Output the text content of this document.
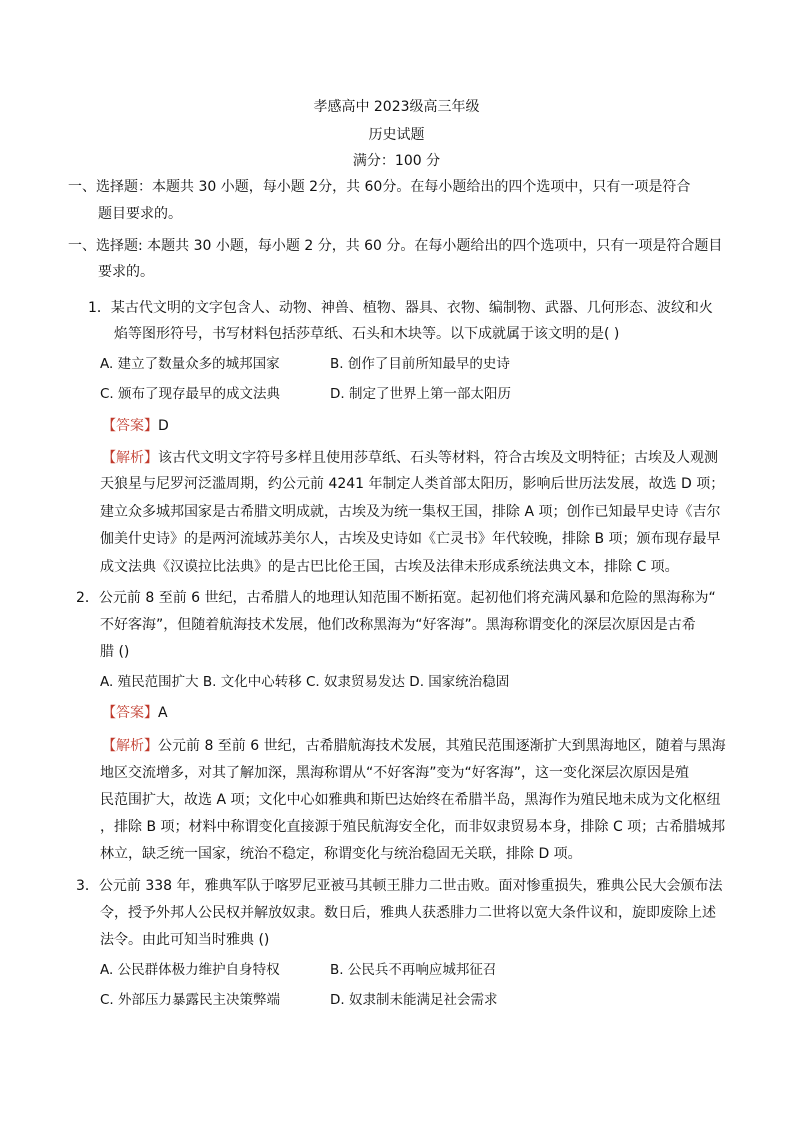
孝感高中 2023级高三年级
历史试题
满分：100 分
一、选择题：本题共 30 小题，每小题 2分，共 60分。在每小题给出的四个选项中，只有一项是符合
题目要求的。
一、选择题: 本题共 30 小题，每小题 2 分，共 60 分。在每小题给出的四个选项中，只有一项是符合题目
要求的。
1．某古代文明的文字包含人、动物、神兽、植物、器具、衣物、编制物、武器、几何形态、波纹和火
焰等图形符号，书写材料包括莎草纸、石头和木块等。以下成就属于该文明的是( )
A. 建立了数量众多的城邦国家	B. 创作了目前所知最早的史诗
C. 颁布了现存最早的成文法典	D. 制定了世界上第一部太阳历
【答案】D
【解析】该古代文明文字符号多样且使用莎草纸、石头等材料，符合古埃及文明特征；古埃及人观测
天狼星与尼罗河泛滥周期，约公元前 4241 年制定人类首部太阳历，影响后世历法发展，故选 D 项；
建立众多城邦国家是古希腊文明成就，古埃及为统一集权王国，排除 A 项；创作已知最早史诗《吉尔
伽美什史诗》的是两河流域苏美尔人，古埃及史诗如《亡灵书》年代较晚，排除 B 项；颁布现存最早
成文法典《汉谟拉比法典》的是古巴比伦王国，古埃及法律未形成系统法典文本，排除 C 项。
2．公元前 8 至前 6 世纪，古希腊人的地理认知范围不断拓宽。起初他们将充满风暴和危险的黑海称为“
不好客海”，但随着航海技术发展，他们改称黑海为“好客海”。黑海称谓变化的深层次原因是古希
腊 ()
A. 殖民范围扩大 B. 文化中心转移 C. 奴隶贸易发达 D. 国家统治稳固
【答案】A
【解析】公元前 8 至前 6 世纪，古希腊航海技术发展，其殖民范围逐渐扩大到黑海地区，随着与黑海
地区交流增多，对其了解加深，黑海称谓从“不好客海”变为“好客海”，这一变化深层次原因是殖
民范围扩大，故选 A 项；文化中心如雅典和斯巴达始终在希腊半岛，黑海作为殖民地未成为文化枢纽
，排除 B 项；材料中称谓变化直接源于殖民航海安全化，而非奴隶贸易本身，排除 C 项；古希腊城邦
林立，缺乏统一国家，统治不稳定，称谓变化与统治稳固无关联，排除 D 项。
3．公元前 338 年，雅典军队于喀罗尼亚被马其顿王腓力二世击败。面对惨重损失，雅典公民大会颁布法
令，授予外邦人公民权并解放奴隶。数日后，雅典人获悉腓力二世将以宽大条件议和，旋即废除上述
法令。由此可知当时雅典 ()
A. 公民群体极力维护自身特权	B. 公民兵不再响应城邦征召
C. 外部压力暴露民主决策弊端	D. 奴隶制未能满足社会需求
